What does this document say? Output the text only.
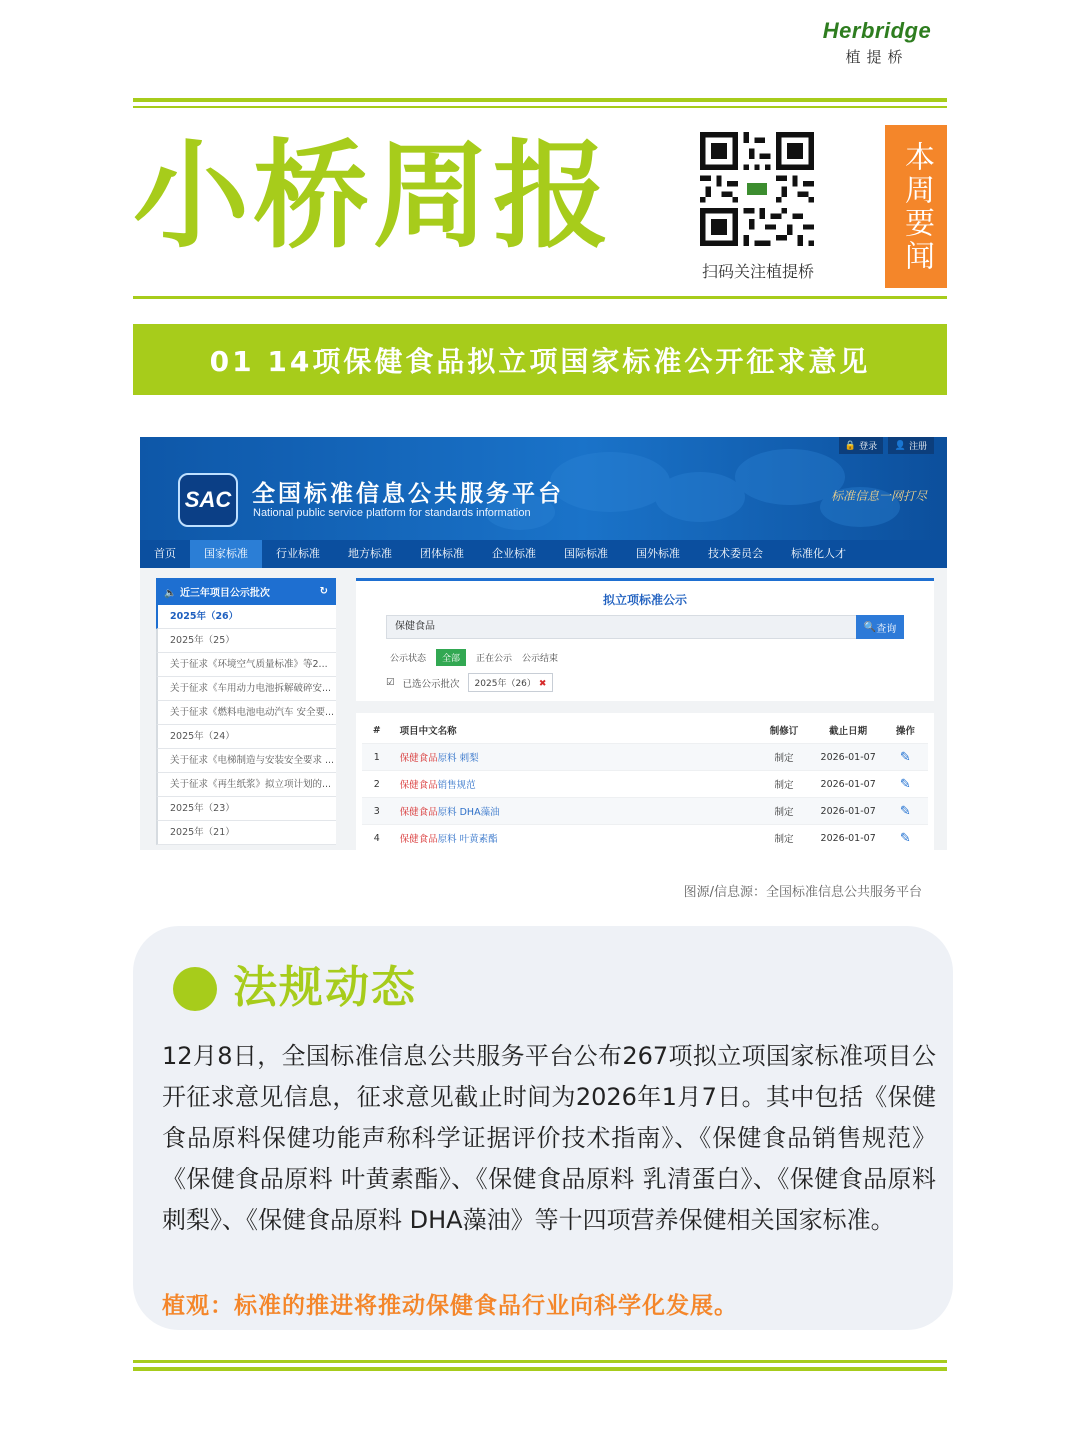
Herbridge
植提桥
小桥周报
扫码关注植提桥	本周要闻
01 14项保健食品拟立项国家标准公开征求意见
🔒 登录 👤 注册
SAC 全国标准信息公共服务平台
National public service platform for standards information
标准信息一网打尽
首页	国家标准	行业标准	地方标准	团体标准	企业标准	国际标准	国外标准	技术委员会	标准化人才
🔈 近三年项目公示批次	↻
2025年（26）
2025年（25）
关于征求《环境空气质量标准》等2...
关于征求《车用动力电池拆解破碎安...
关于征求《燃料电池电动汽车 安全要...
2025年（24）
关于征求《电梯制造与安装安全要求 ...
关于征求《再生纸浆》拟立项计划的...
2025年（23）
2025年（21）
拟立项标准公示
保健食品	🔍 查询
公示状态	全部	正在公示 公示结束
☑ 已选公示批次	2025年（26） ✖
#	项目中文名称	制修订	截止日期	操作
1	保健食品原料 刺梨	制定	2026-01-07	✎
2	保健食品销售规范	制定	2026-01-07	✎
3	保健食品原料 DHA藻油	制定	2026-01-07	✎
4	保健食品原料 叶黄素酯	制定	2026-01-07	✎
图源/信息源：全国标准信息公共服务平台
法规动态
12月8日，全国标准信息公共服务平台公布267项拟立项国家标准项目公开征求意见信息，征求意见截止时间为2026年1月7日。其中包括《保健食品原料保健功能声称科学证据评价技术指南》、《保健食品销售规范》《保健食品原料 叶黄素酯》、《保健食品原料 乳清蛋白》、《保健食品原料 刺梨》、《保健食品原料 DHA藻油》等十四项营养保健相关国家标准。
植观：标准的推进将推动保健食品行业向科学化发展。
